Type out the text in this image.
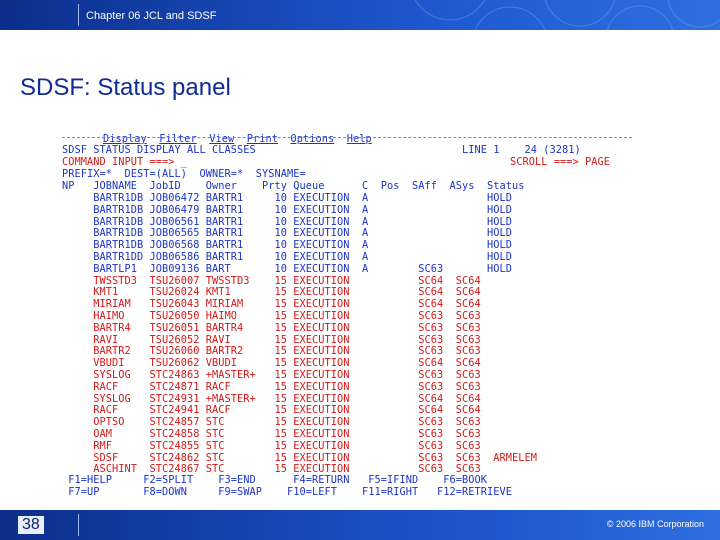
Chapter 06 JCL and SDSF
SDSF: Status panel

Display Filter View Print Options Help

SDSF STATUS DISPLAY ALL CLASSES	LINE 1    24 (3281)
COMMAND INPUT ===> _	SCROLL ===> PAGE
PREFIX=*  DEST=(ALL)  OWNER=*  SYSNAME=
NP   JOBNAME  JobID    Owner    Prty Queue      C  Pos  SAff  ASys  Status
BARTR1DB JOB06472 BARTR1     10 EXECUTION  A                   HOLD
BARTR1DB JOB06479 BARTR1     10 EXECUTION  A                   HOLD
BARTR1DB JOB06561 BARTR1     10 EXECUTION  A                   HOLD
BARTR1DB JOB06565 BARTR1     10 EXECUTION  A                   HOLD
BARTR1DB JOB06568 BARTR1     10 EXECUTION  A                   HOLD
BARTR1DD JOB06586 BARTR1     10 EXECUTION  A                   HOLD
BARTLP1  JOB09136 BART       10 EXECUTION  A        SC63       HOLD
TWSSTD3  TSU26007 TWSSTD3    15 EXECUTION           SC64  SC64
KMT1     TSU26024 KMT1       15 EXECUTION           SC64  SC64
MIRIAM   TSU26043 MIRIAM     15 EXECUTION           SC64  SC64
HAIMO    TSU26050 HAIMO      15 EXECUTION           SC63  SC63
BARTR4   TSU26051 BARTR4     15 EXECUTION           SC63  SC63
RAVI     TSU26052 RAVI       15 EXECUTION           SC63  SC63
BARTR2   TSU26060 BARTR2     15 EXECUTION           SC63  SC63
VBUDI    TSU26062 VBUDI      15 EXECUTION           SC64  SC64
SYSLOG   STC24863 +MASTER+   15 EXECUTION           SC63  SC63
RACF     STC24871 RACF       15 EXECUTION           SC63  SC63
SYSLOG   STC24931 +MASTER+   15 EXECUTION           SC64  SC64
RACF     STC24941 RACF       15 EXECUTION           SC64  SC64
OPTSO    STC24857 STC        15 EXECUTION           SC63  SC63
OAM      STC24858 STC        15 EXECUTION           SC63  SC63
RMF      STC24855 STC        15 EXECUTION           SC63  SC63
SDSF     STC24862 STC        15 EXECUTION           SC63  SC63  ARMELEM
ASCHINT  STC24867 STC        15 EXECUTION           SC63  SC63
F1=HELP     F2=SPLIT    F3=END      F4=RETURN   F5=IFIND    F6=BOOK
F7=UP       F8=DOWN     F9=SWAP    F10=LEFT    F11=RIGHT   F12=RETRIEVE
38	© 2006 IBM Corporation
